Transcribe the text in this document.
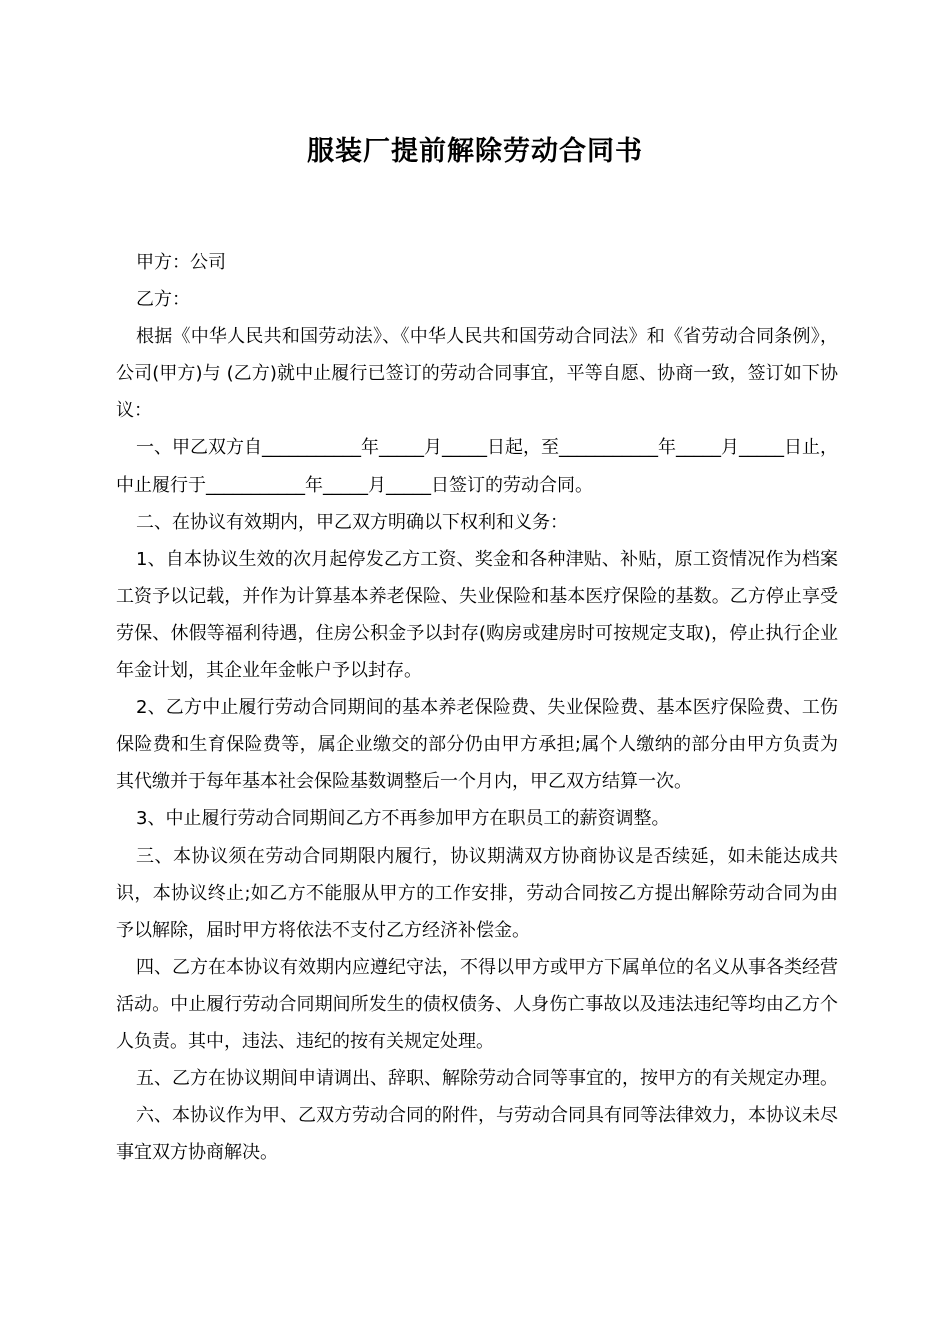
服装厂提前解除劳动合同书

甲方：公司

乙方：

根据《中华人民共和国劳动法》、《中华人民共和国劳动合同法》和《省劳动合同条例》，公司(甲方)与 (乙方)就中止履行已签订的劳动合同事宜，平等自愿、协商一致，签订如下协议：

一、甲乙双方自___________年_____月_____日起，至___________年_____月_____日止，中止履行于___________年_____月_____日签订的劳动合同。

二、在协议有效期内，甲乙双方明确以下权利和义务：

1、自本协议生效的次月起停发乙方工资、奖金和各种津贴、补贴，原工资情况作为档案工资予以记载，并作为计算基本养老保险、失业保险和基本医疗保险的基数。乙方停止享受劳保、休假等福利待遇，住房公积金予以封存(购房或建房时可按规定支取)，停止执行企业年金计划，其企业年金帐户予以封存。

2、乙方中止履行劳动合同期间的基本养老保险费、失业保险费、基本医疗保险费、工伤保险费和生育保险费等，属企业缴交的部分仍由甲方承担;属个人缴纳的部分由甲方负责为其代缴并于每年基本社会保险基数调整后一个月内，甲乙双方结算一次。

3、中止履行劳动合同期间乙方不再参加甲方在职员工的薪资调整。

三、本协议须在劳动合同期限内履行，协议期满双方协商协议是否续延，如未能达成共识，本协议终止;如乙方不能服从甲方的工作安排，劳动合同按乙方提出解除劳动合同为由予以解除，届时甲方将依法不支付乙方经济补偿金。

四、乙方在本协议有效期内应遵纪守法，不得以甲方或甲方下属单位的名义从事各类经营活动。中止履行劳动合同期间所发生的债权债务、人身伤亡事故以及违法违纪等均由乙方个人负责。其中，违法、违纪的按有关规定处理。

五、乙方在协议期间申请调出、辞职、解除劳动合同等事宜的，按甲方的有关规定办理。

六、本协议作为甲、乙双方劳动合同的附件，与劳动合同具有同等法律效力，本协议未尽事宜双方协商解决。
